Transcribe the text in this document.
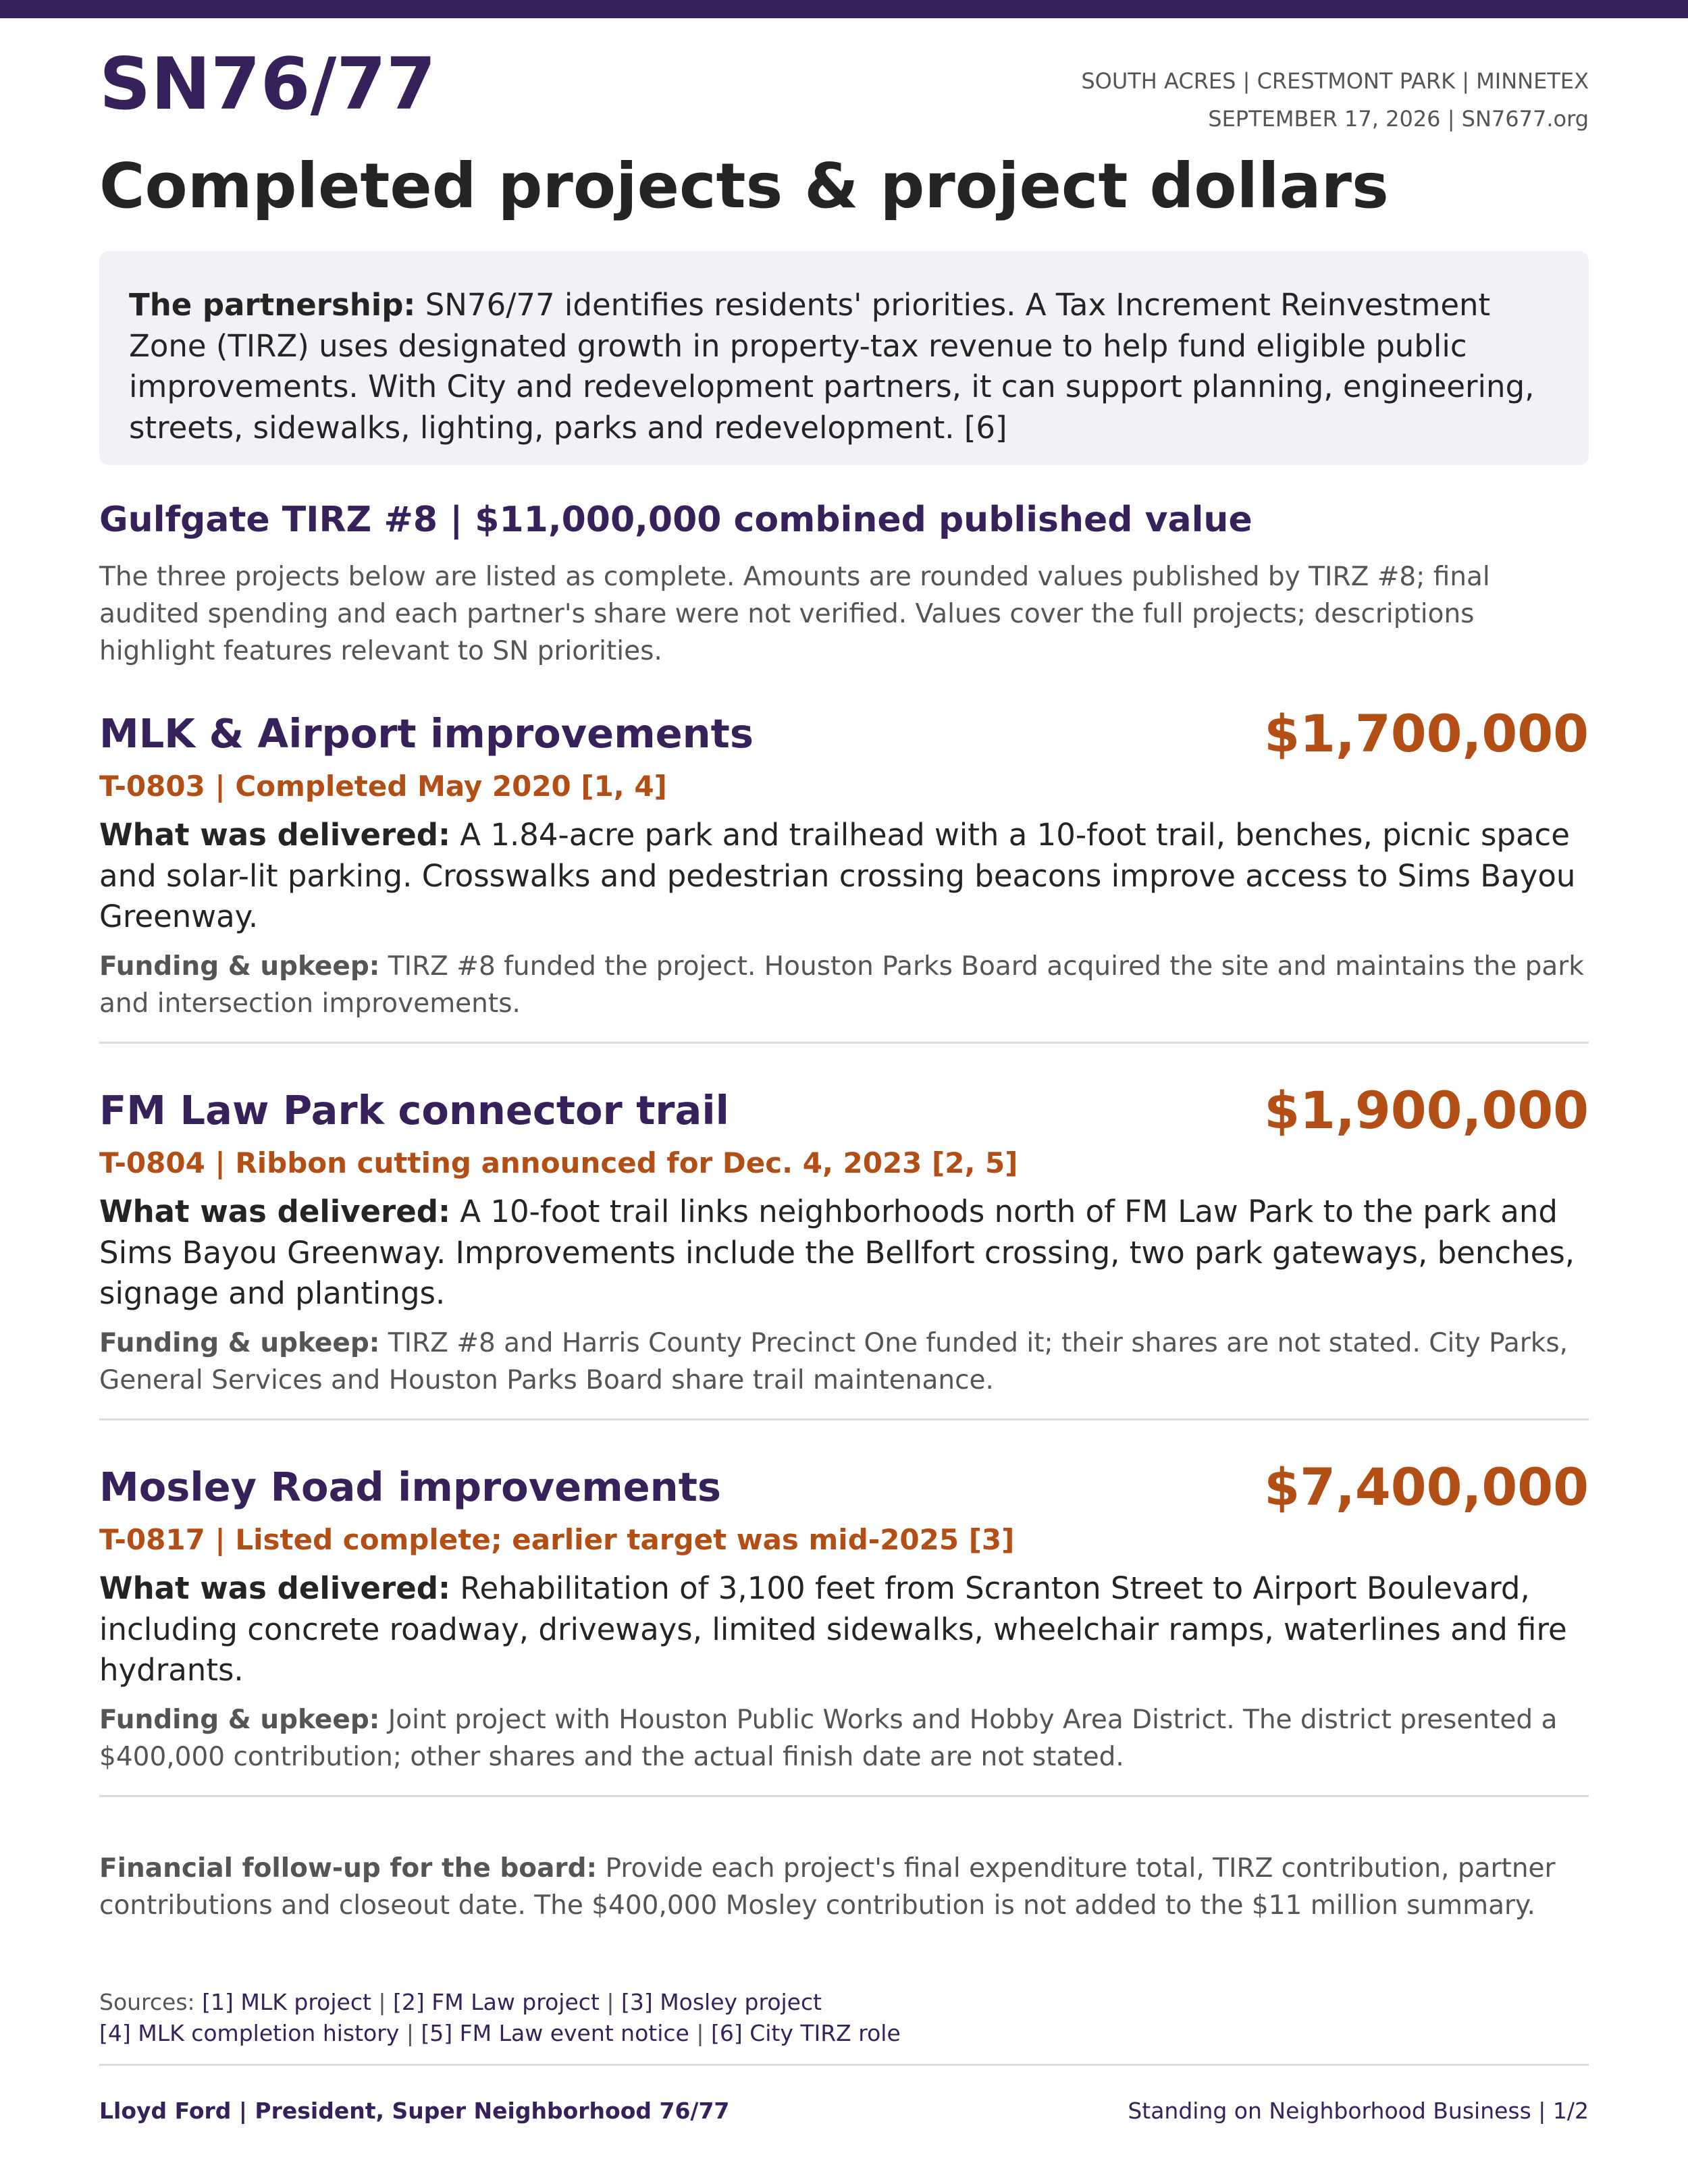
SN76/77	SOUTH ACRES | CRESTMONT PARK | MINNETEX
SEPTEMBER 17, 2026 | SN7677.org
Completed projects & project dollars
The partnership: SN76/77 identifies residents' priorities. A Tax Increment Reinvestment Zone (TIRZ) uses designated growth in property-tax revenue to help fund eligible public improvements. With City and redevelopment partners, it can support planning, engineering, streets, sidewalks, lighting, parks and redevelopment. [6]
Gulfgate TIRZ #8 | $11,000,000 combined published value
The three projects below are listed as complete. Amounts are rounded values published by TIRZ #8; final audited spending and each partner's share were not verified. Values cover the full projects; descriptions highlight features relevant to SN priorities.
MLK & Airport improvements	$1,700,000
T-0803 | Completed May 2020 [1, 4]
What was delivered: A 1.84-acre park and trailhead with a 10-foot trail, benches, picnic space and solar-lit parking. Crosswalks and pedestrian crossing beacons improve access to Sims Bayou Greenway.
Funding & upkeep: TIRZ #8 funded the project. Houston Parks Board acquired the site and maintains the park and intersection improvements.
FM Law Park connector trail	$1,900,000
T-0804 | Ribbon cutting announced for Dec. 4, 2023 [2, 5]
What was delivered: A 10-foot trail links neighborhoods north of FM Law Park to the park and Sims Bayou Greenway. Improvements include the Bellfort crossing, two park gateways, benches, signage and plantings.
Funding & upkeep: TIRZ #8 and Harris County Precinct One funded it; their shares are not stated. City Parks, General Services and Houston Parks Board share trail maintenance.
Mosley Road improvements	$7,400,000
T-0817 | Listed complete; earlier target was mid-2025 [3]
What was delivered: Rehabilitation of 3,100 feet from Scranton Street to Airport Boulevard, including concrete roadway, driveways, limited sidewalks, wheelchair ramps, waterlines and fire hydrants.
Funding & upkeep: Joint project with Houston Public Works and Hobby Area District. The district presented a $400,000 contribution; other shares and the actual finish date are not stated.
Financial follow-up for the board: Provide each project's final expenditure total, TIRZ contribution, partner contributions and closeout date. The $400,000 Mosley contribution is not added to the $11 million summary.
Sources: [1] MLK project | [2] FM Law project | [3] Mosley project
[4] MLK completion history | [5] FM Law event notice | [6] City TIRZ role
Lloyd Ford | President, Super Neighborhood 76/77	Standing on Neighborhood Business | 1/2
